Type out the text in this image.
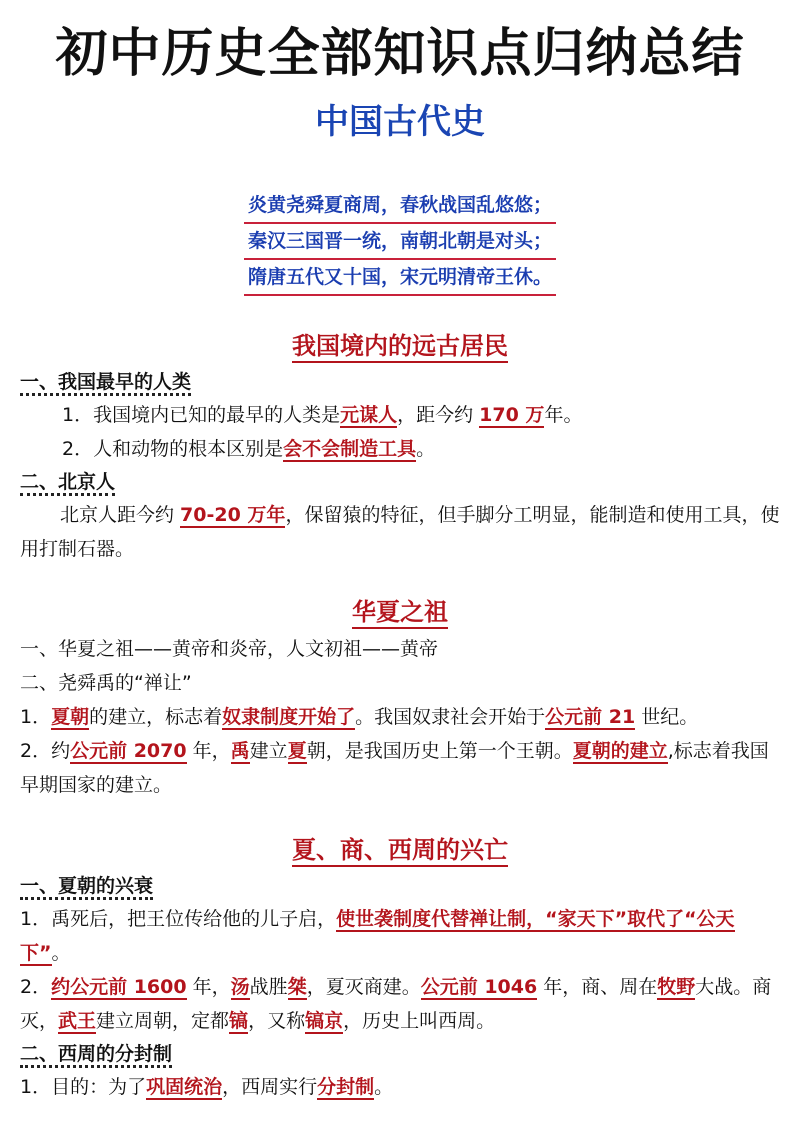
初中历史全部知识点归纳总结
中国古代史
炎黄尧舜夏商周，春秋战国乱悠悠；
秦汉三国晋一统，南朝北朝是对头；
隋唐五代又十国，宋元明清帝王休。
我国境内的远古居民

一、我国最早的人类

1．我国境内已知的最早的人类是元谋人，距今约 170 万年。

2．人和动物的根本区别是会不会制造工具。

二、北京人

北京人距今约 70-20 万年，保留猿的特征，但手脚分工明显，能制造和使用工具，使用打制石器。

华夏之祖

一、华夏之祖——黄帝和炎帝，人文初祖——黄帝

二、尧舜禹的“禅让”

1．夏朝的建立，标志着奴隶制度开始了。我国奴隶社会开始于公元前 21 世纪。

2．约公元前 2070 年，禹建立夏朝，是我国历史上第一个王朝。夏朝的建立,标志着我国早期国家的建立。

夏、商、西周的兴亡

一、夏朝的兴衰

1．禹死后，把王位传给他的儿子启，使世袭制度代替禅让制，“家天下”取代了“公天下”。

2．约公元前 1600 年，汤战胜桀，夏灭商建。公元前 1046 年，商、周在牧野大战。商灭，武王建立周朝，定都镐，又称镐京，历史上叫西周。

二、西周的分封制

1．目的：为了巩固统治，西周实行分封制。
